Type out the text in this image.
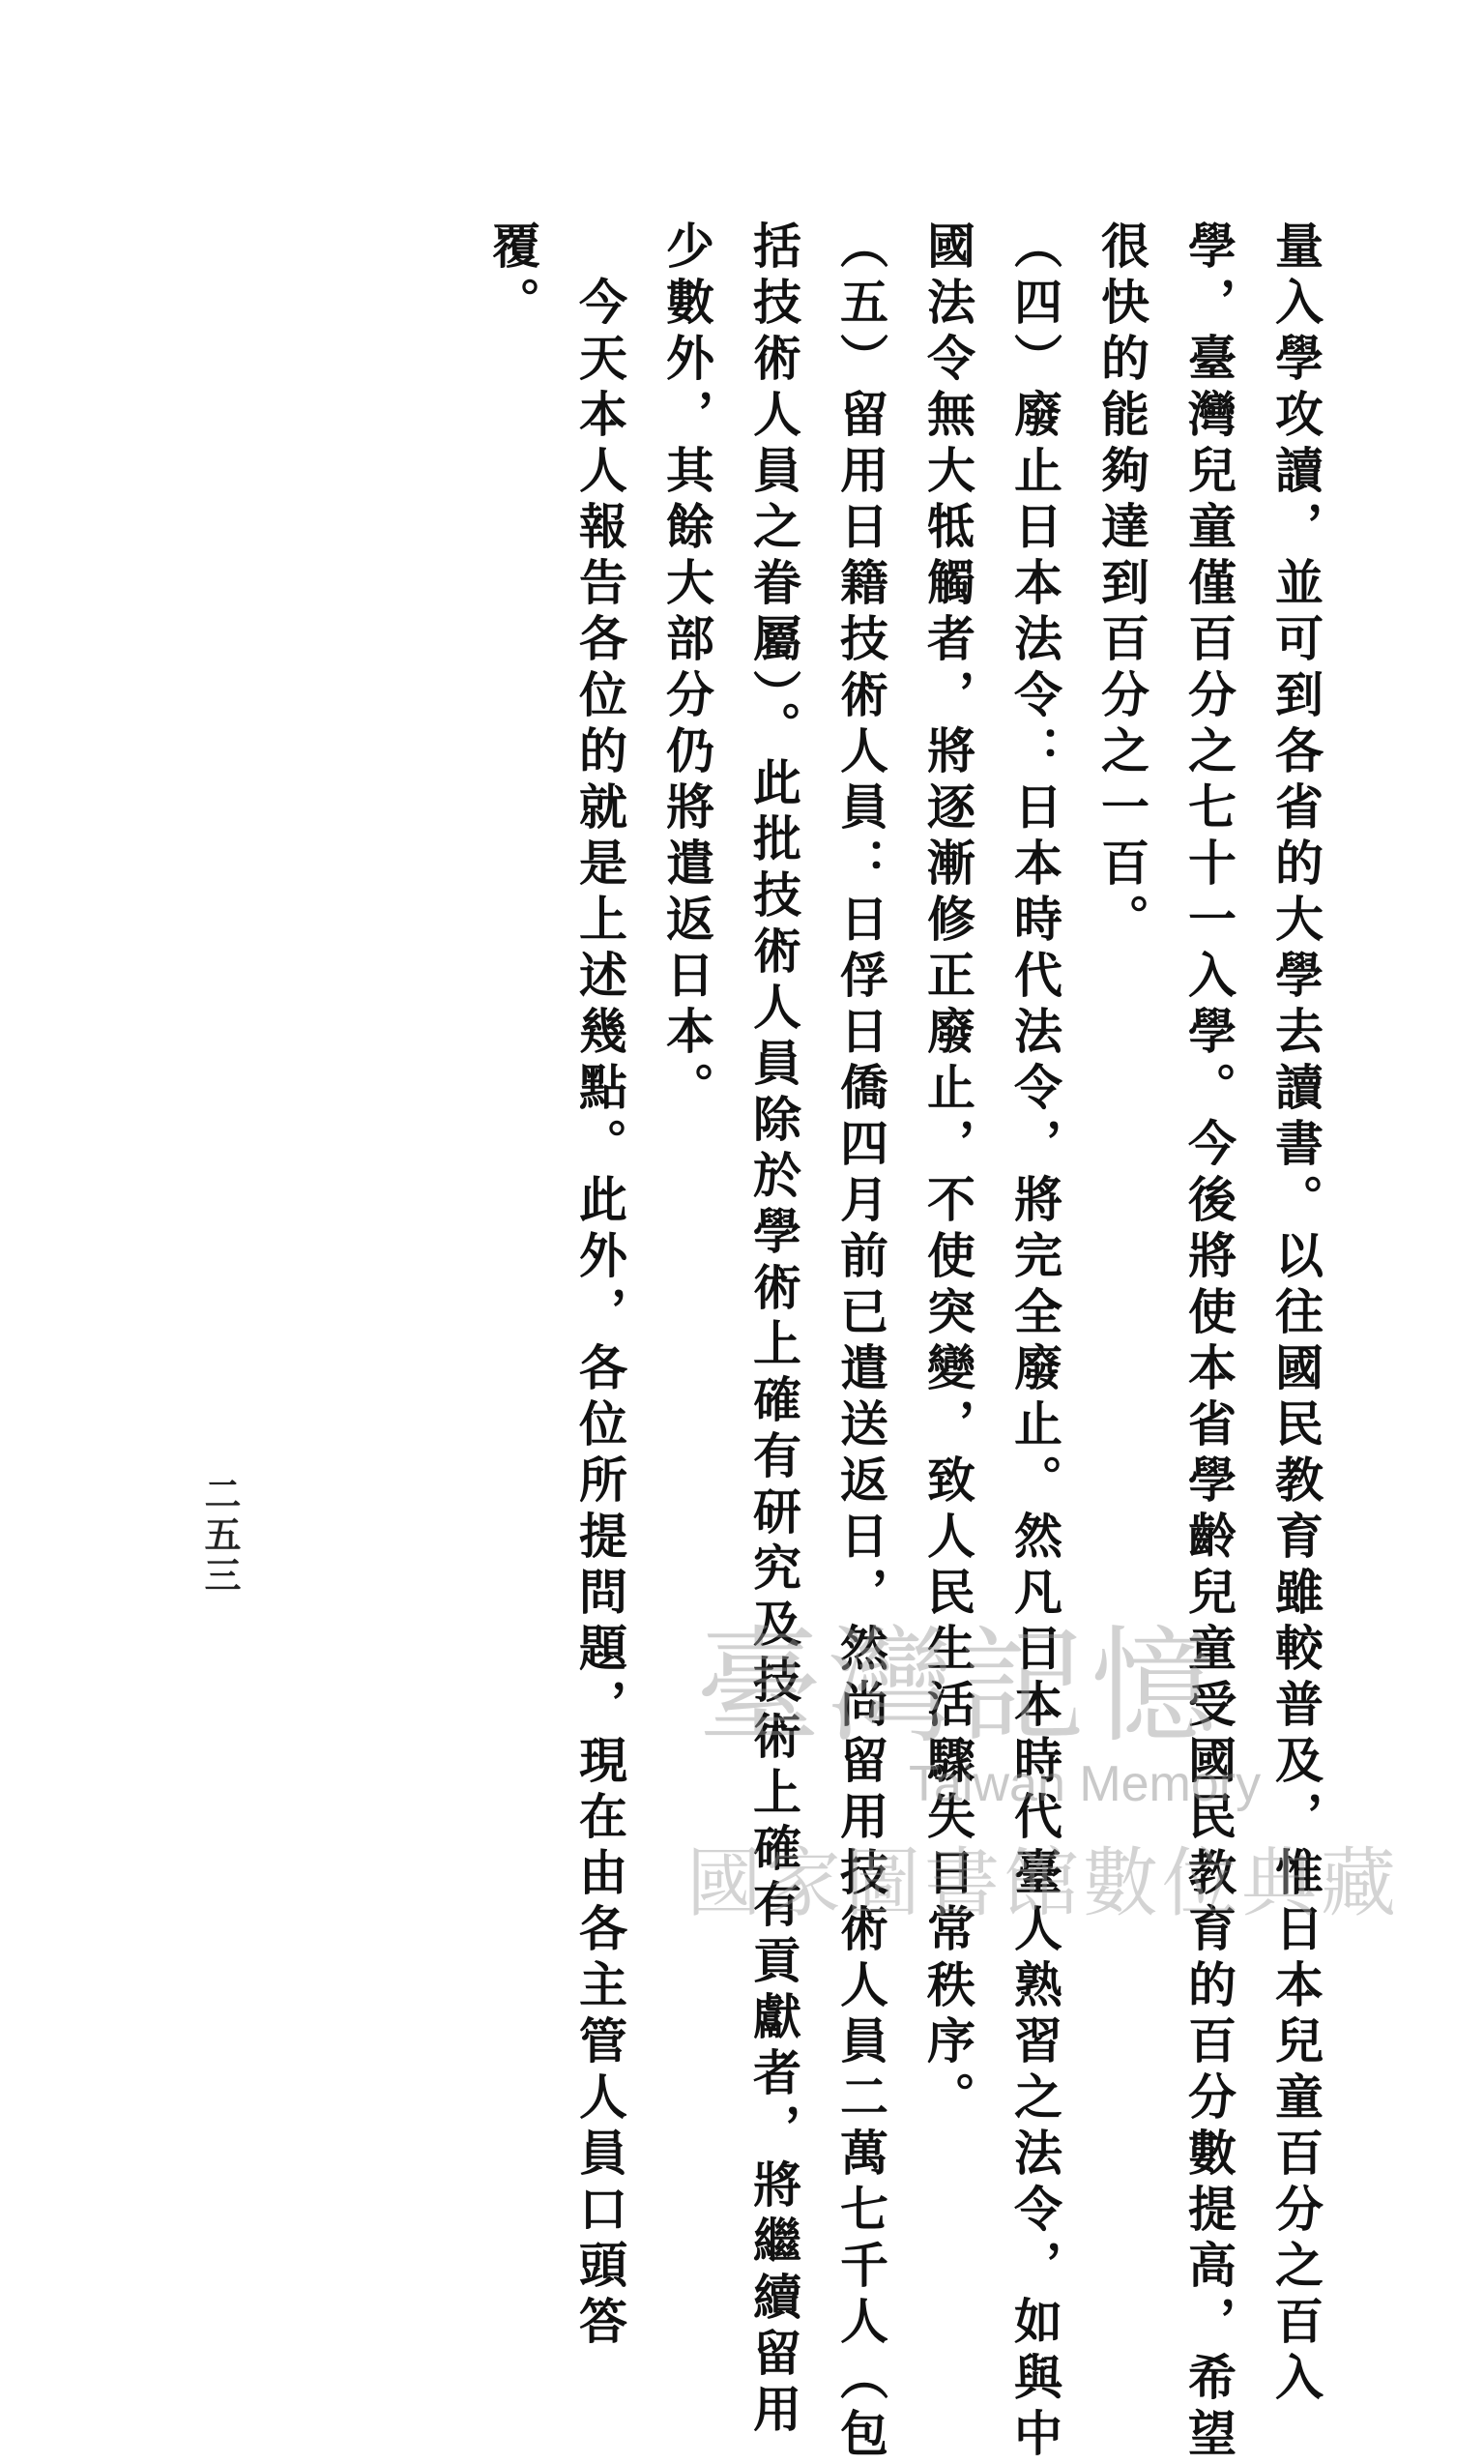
量入學攻讀，並可到各省的大學去讀書。以往國民教育雖較普及，惟日本兒童百分之百入
學，臺灣兒童僅百分之七十一入學。今後將使本省學齡兒童受國民教育的百分數提高，希望
很快的能夠達到百分之一百。
（四）廢止日本法令：日本時代法令，將完全廢止。然凡日本時代臺人熟習之法令，如與中
國法令無大牴觸者，將逐漸修正廢止，不使突變，致人民生活驟失日常秩序。
（五）留用日籍技術人員：日俘日僑四月前已遣送返日，然尚留用技術人員二萬七千人（包
括技術人員之眷屬）。此批技術人員除於學術上確有研究及技術上確有貢獻者，將繼續留用
少數外，其餘大部分仍將遣返日本。
　今天本人報告各位的就是上述幾點。此外，各位所提問題，現在由各主管人員口頭答
覆。
二五三
臺灣記憶
Taiwan Memory
國家圖書館數位典藏
